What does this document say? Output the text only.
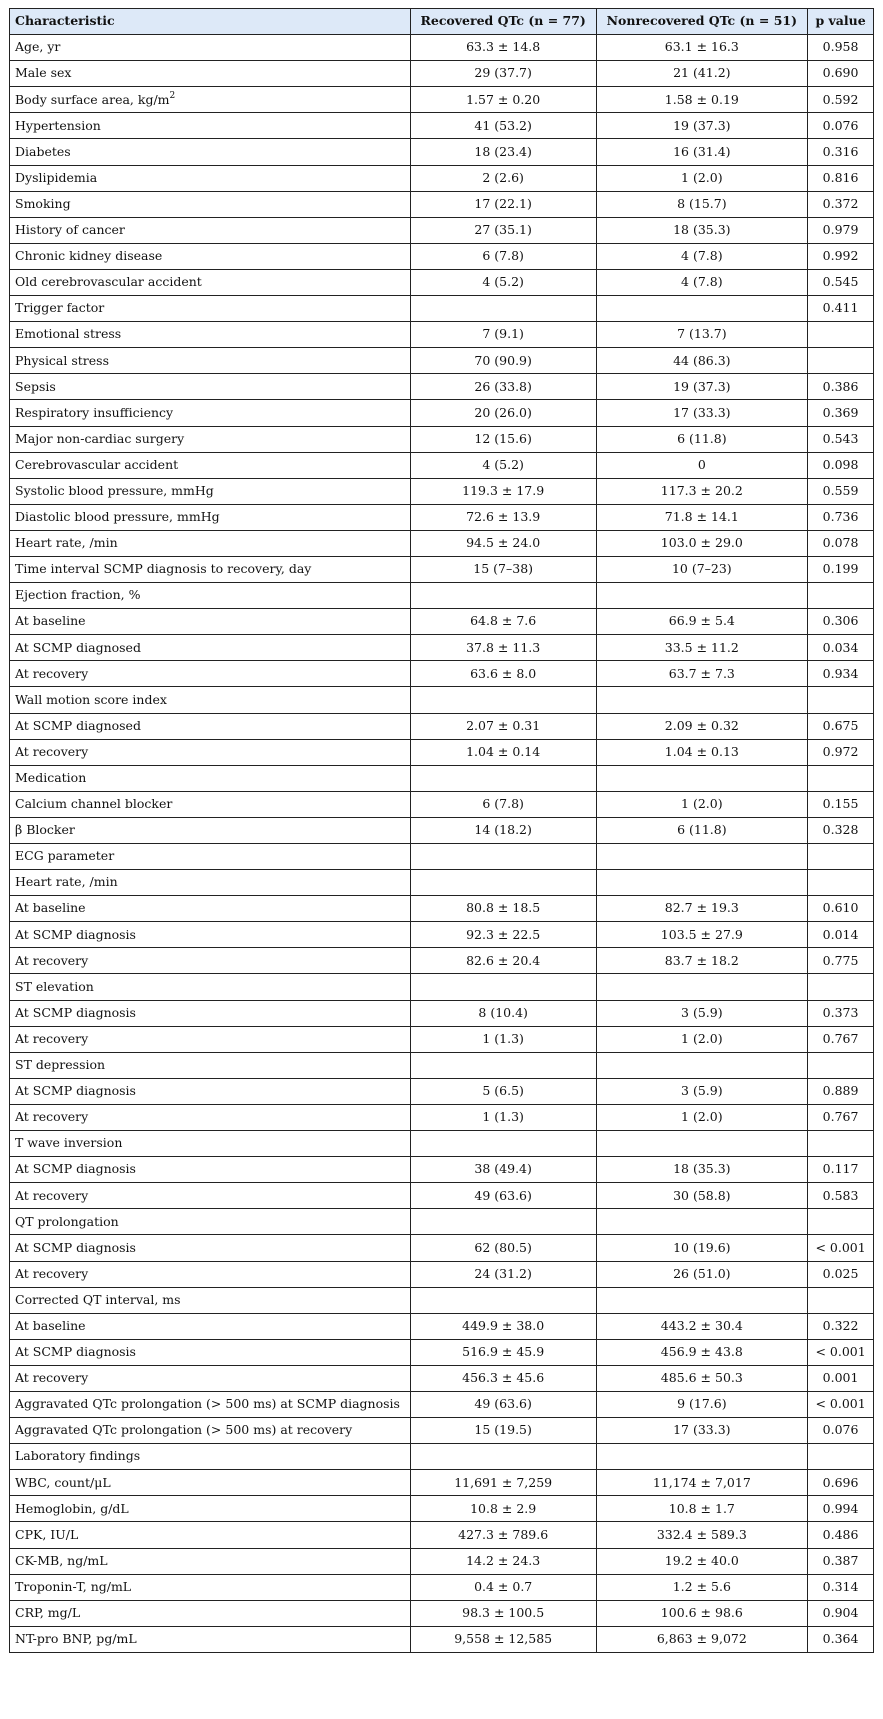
Characteristic	Recovered QTc (n = 77)	Nonrecovered QTc (n = 51)	p value
Age, yr	63.3 ± 14.8	63.1 ± 16.3	0.958
Male sex	29 (37.7)	21 (41.2)	0.690
Body surface area, $kg/m^2$	1.57 ± 0.20	1.58 ± 0.19	0.592
Hypertension	41 (53.2)	19 (37.3)	0.076
Diabetes	18 (23.4)	16 (31.4)	0.316
Dyslipidemia	2 (2.6)	1 (2.0)	0.816
Smoking	17 (22.1)	8 (15.7)	0.372
History of cancer	27 (35.1)	18 (35.3)	0.979
Chronic kidney disease	6 (7.8)	4 (7.8)	0.992
Old cerebrovascular accident	4 (5.2)	4 (7.8)	0.545
Trigger factor			0.411
Emotional stress	7 (9.1)	7 (13.7)	
Physical stress	70 (90.9)	44 (86.3)	
Sepsis	26 (33.8)	19 (37.3)	0.386
Respiratory insufficiency	20 (26.0)	17 (33.3)	0.369
Major non-cardiac surgery	12 (15.6)	6 (11.8)	0.543
Cerebrovascular accident	4 (5.2)	0	0.098
Systolic blood pressure, mmHg	119.3 ± 17.9	117.3 ± 20.2	0.559
Diastolic blood pressure, mmHg	72.6 ± 13.9	71.8 ± 14.1	0.736
Heart rate, /min	94.5 ± 24.0	103.0 ± 29.0	0.078
Time interval SCMP diagnosis to recovery, day	15 (7–38)	10 (7–23)	0.199
Ejection fraction, %			
At baseline	64.8 ± 7.6	66.9 ± 5.4	0.306
At SCMP diagnosed	37.8 ± 11.3	33.5 ± 11.2	0.034
At recovery	63.6 ± 8.0	63.7 ± 7.3	0.934
Wall motion score index			
At SCMP diagnosed	2.07 ± 0.31	2.09 ± 0.32	0.675
At recovery	1.04 ± 0.14	1.04 ± 0.13	0.972
Medication			
Calcium channel blocker	6 (7.8)	1 (2.0)	0.155
β Blocker	14 (18.2)	6 (11.8)	0.328
ECG parameter			
Heart rate, /min			
At baseline	80.8 ± 18.5	82.7 ± 19.3	0.610
At SCMP diagnosis	92.3 ± 22.5	103.5 ± 27.9	0.014
At recovery	82.6 ± 20.4	83.7 ± 18.2	0.775
ST elevation			
At SCMP diagnosis	8 (10.4)	3 (5.9)	0.373
At recovery	1 (1.3)	1 (2.0)	0.767
ST depression			
At SCMP diagnosis	5 (6.5)	3 (5.9)	0.889
At recovery	1 (1.3)	1 (2.0)	0.767
T wave inversion			
At SCMP diagnosis	38 (49.4)	18 (35.3)	0.117
At recovery	49 (63.6)	30 (58.8)	0.583
QT prolongation			
At SCMP diagnosis	62 (80.5)	10 (19.6)	< 0.001
At recovery	24 (31.2)	26 (51.0)	0.025
Corrected QT interval, ms			
At baseline	449.9 ± 38.0	443.2 ± 30.4	0.322
At SCMP diagnosis	516.9 ± 45.9	456.9 ± 43.8	< 0.001
At recovery	456.3 ± 45.6	485.6 ± 50.3	0.001
Aggravated QTc prolongation (> 500 ms) at SCMP diagnosis	49 (63.6)	9 (17.6)	< 0.001
Aggravated QTc prolongation (> 500 ms) at recovery	15 (19.5)	17 (33.3)	0.076
Laboratory findings			
WBC, count/μL	11,691 ± 7,259	11,174 ± 7,017	0.696
Hemoglobin, g/dL	10.8 ± 2.9	10.8 ± 1.7	0.994
CPK, IU/L	427.3 ± 789.6	332.4 ± 589.3	0.486
CK-MB, ng/mL	14.2 ± 24.3	19.2 ± 40.0	0.387
Troponin-T, ng/mL	0.4 ± 0.7	1.2 ± 5.6	0.314
CRP, mg/L	98.3 ± 100.5	100.6 ± 98.6	0.904
NT-pro BNP, pg/mL	9,558 ± 12,585	6,863 ± 9,072	0.364
